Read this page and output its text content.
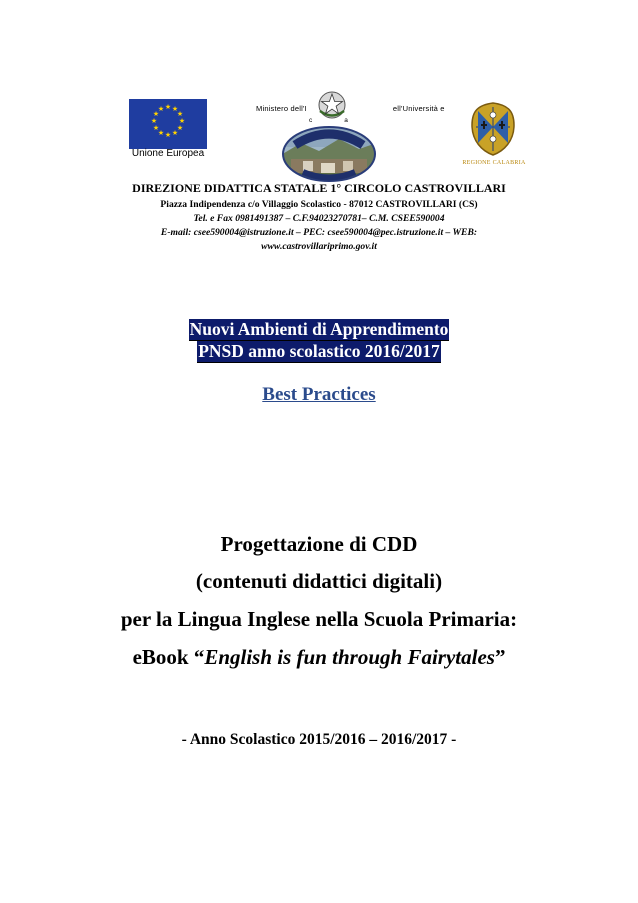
★ ★
★
★
★
★
★
★
★
★
★
★
Unione Europea
Ministero dell'I	ell'Università e
c	a
REGIONE CALABRIA
DIREZIONE DIDATTICA STATALE 1° CIRCOLO CASTROVILLARI
Piazza Indipendenza c/o Villaggio Scolastico - 87012 CASTROVILLARI (CS)
Tel. e Fax 0981491387 – C.F.94023270781– C.M. CSEE590004
E-mail: csee590004@istruzione.it – PEC: csee590004@pec.istruzione.it – WEB:
www.castrovillariprimo.gov.it
Nuovi Ambienti di Apprendimento
PNSD anno scolastico 2016/2017
Best Practices
Progettazione di CDD
(contenuti didattici digitali)
per la Lingua Inglese nella Scuola Primaria:
eBook “English is fun through Fairytales”
- Anno Scolastico 2015/2016 – 2016/2017 -
